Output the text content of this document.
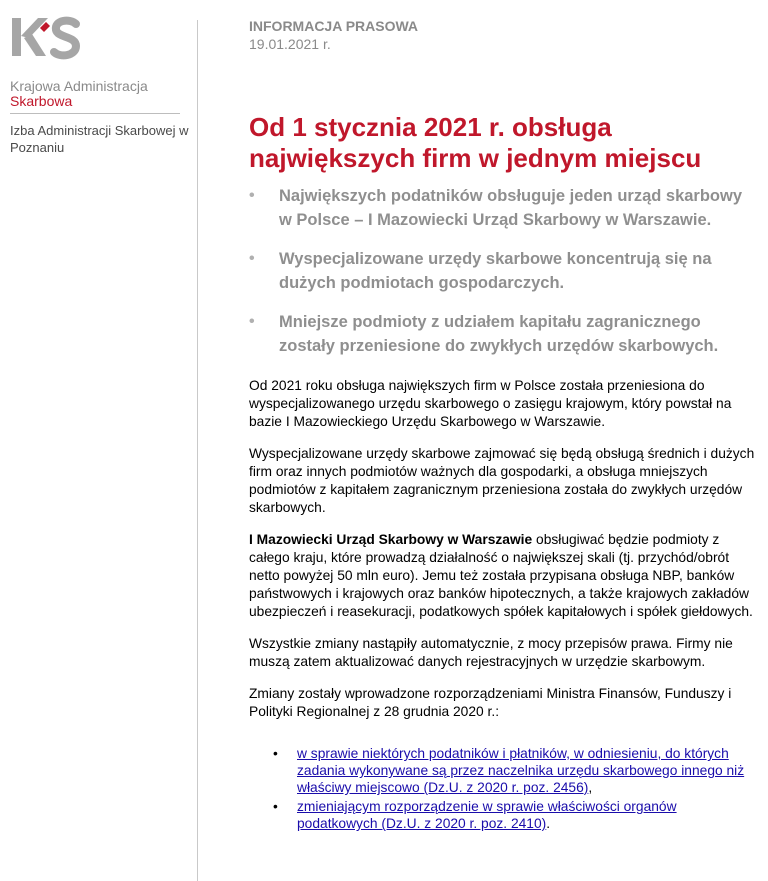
Krajowa Administracja
Skarbowa
Izba Administracji Skarbowej w Poznaniu
INFORMACJA PRASOWA
19.01.2021 r.
Od 1 stycznia 2021 r. obsługa największych firm w jednym miejscu
• Największych podatników obsługuje jeden urząd skarbowy w Polsce – I Mazowiecki Urząd Skarbowy w Warszawie.
• Wyspecjalizowane urzędy skarbowe koncentrują się na dużych podmiotach gospodarczych.
• Mniejsze podmioty z udziałem kapitału zagranicznego zostały przeniesione do zwykłych urzędów skarbowych.

Od 2021 roku obsługa największych firm w Polsce została przeniesiona do wyspecjalizowanego urzędu skarbowego o zasięgu krajowym, który powstał na bazie I Mazowieckiego Urzędu Skarbowego w Warszawie.

Wyspecjalizowane urzędy skarbowe zajmować się będą obsługą średnich i dużych firm oraz innych podmiotów ważnych dla gospodarki, a obsługa mniejszych podmiotów z kapitałem zagranicznym przeniesiona została do zwykłych urzędów skarbowych.

I Mazowiecki Urząd Skarbowy w Warszawie obsługiwać będzie podmioty z całego kraju, które prowadzą działalność o największej skali (tj. przychód/obrót netto powyżej 50 mln euro). Jemu też została przypisana obsługa NBP, banków państwowych i krajowych oraz banków hipotecznych, a także krajowych zakładów ubezpieczeń i reasekuracji, podatkowych spółek kapitałowych i spółek giełdowych.

Wszystkie zmiany nastąpiły automatycznie, z mocy przepisów prawa. Firmy nie muszą zatem aktualizować danych rejestracyjnych w urzędzie skarbowym.

Zmiany zostały wprowadzone rozporządzeniami Ministra Finansów, Funduszy i Polityki Regionalnej z 28 grudnia 2020 r.:

• w sprawie niektórych podatników i płatników, w odniesieniu, do których zadania wykonywane są przez naczelnika urzędu skarbowego innego niż właściwy miejscowo (Dz.U. z 2020 r. poz. 2456),
• zmieniającym rozporządzenie w sprawie właściwości organów podatkowych (Dz.U. z 2020 r. poz. 2410).
